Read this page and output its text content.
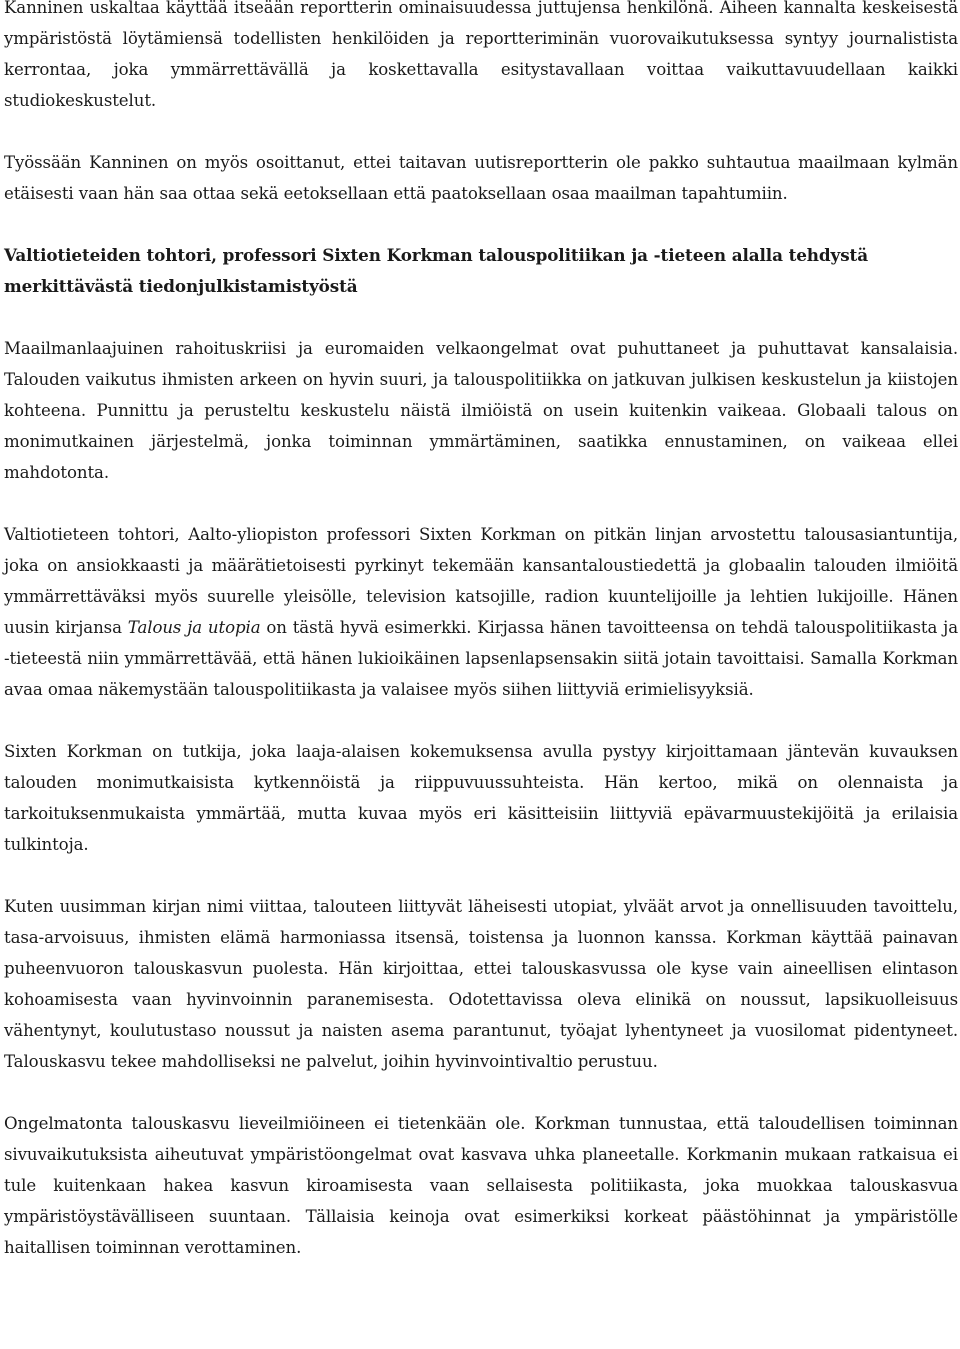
Kanninen uskaltaa käyttää itseään reportterin ominaisuudessa juttujensa henkilönä. Aiheen kannalta keskeisestä ympäristöstä löytämiensä todellisten henkilöiden ja reportteriminän vuorovaikutuksessa syntyy journalistista kerrontaa, joka ymmärrettävällä ja koskettavalla esitystavallaan voittaa vaikuttavuudellaan kaikki studiokeskustelut.

Työssään Kanninen on myös osoittanut, ettei taitavan uutisreportterin ole pakko suhtautua maailmaan kylmän etäisesti vaan hän saa ottaa sekä eetoksellaan että paatoksellaan osaa maailman tapahtumiin.

Valtiotieteiden tohtori, professori Sixten Korkman talouspolitiikan ja -tieteen alalla tehdystä merkittävästä tiedonjulkistamistyöstä

Maailmanlaajuinen rahoituskriisi ja euromaiden velkaongelmat ovat puhuttaneet ja puhuttavat kansalaisia. Talouden vaikutus ihmisten arkeen on hyvin suuri, ja talouspolitiikka on jatkuvan julkisen keskustelun ja kiistojen kohteena. Punnittu ja perusteltu keskustelu näistä ilmiöistä on usein kuitenkin vaikeaa. Globaali talous on monimutkainen järjestelmä, jonka toiminnan ymmärtäminen, saatikka ennustaminen, on vaikeaa ellei mahdotonta.

Valtiotieteen tohtori, Aalto-yliopiston professori Sixten Korkman on pitkän linjan arvostettu talousasiantuntija, joka on ansiokkaasti ja määrätietoisesti pyrkinyt tekemään kansantaloustiedettä ja globaalin talouden ilmiöitä ymmärrettäväksi myös suurelle yleisölle, television katsojille, radion kuuntelijoille ja lehtien lukijoille. Hänen uusin kirjansa Talous ja utopia on tästä hyvä esimerkki. Kirjassa hänen tavoitteensa on tehdä talouspolitiikasta ja -tieteestä niin ymmärrettävää, että hänen lukioikäinen lapsenlapsensakin siitä jotain tavoittaisi. Samalla Korkman avaa omaa näkemystään talouspolitiikasta ja valaisee myös siihen liittyviä erimielisyyksiä.

Sixten Korkman on tutkija, joka laaja-alaisen kokemuksensa avulla pystyy kirjoittamaan jäntevän kuvauksen talouden monimutkaisista kytkennöistä ja riippuvuussuhteista. Hän kertoo, mikä on olennaista ja tarkoituksenmukaista ymmärtää, mutta kuvaa myös eri käsitteisiin liittyviä epävarmuustekijöitä ja erilaisia tulkintoja.

Kuten uusimman kirjan nimi viittaa, talouteen liittyvät läheisesti utopiat, ylväät arvot ja onnellisuuden tavoittelu, tasa-arvoisuus, ihmisten elämä harmoniassa itsensä, toistensa ja luonnon kanssa. Korkman käyttää painavan puheenvuoron talouskasvun puolesta. Hän kirjoittaa, ettei talouskasvussa ole kyse vain aineellisen elintason kohoamisesta vaan hyvinvoinnin paranemisesta. Odotettavissa oleva elinikä on noussut, lapsikuolleisuus vähentynyt, koulutustaso noussut ja naisten asema parantunut, työajat lyhentyneet ja vuosilomat pidentyneet. Talouskasvu tekee mahdolliseksi ne palvelut, joihin hyvinvointivaltio perustuu.

Ongelmatonta talouskasvu lieveilmiöineen ei tietenkään ole. Korkman tunnustaa, että taloudellisen toiminnan sivuvaikutuksista aiheutuvat ympäristöongelmat ovat kasvava uhka planeetalle. Korkmanin mukaan ratkaisua ei tule kuitenkaan hakea kasvun kiroamisesta vaan sellaisesta politiikasta, joka muokkaa talouskasvua ympäristöystävälliseen suuntaan. Tällaisia keinoja ovat esimerkiksi korkeat päästöhinnat ja ympäristölle haitallisen toiminnan verottaminen.
